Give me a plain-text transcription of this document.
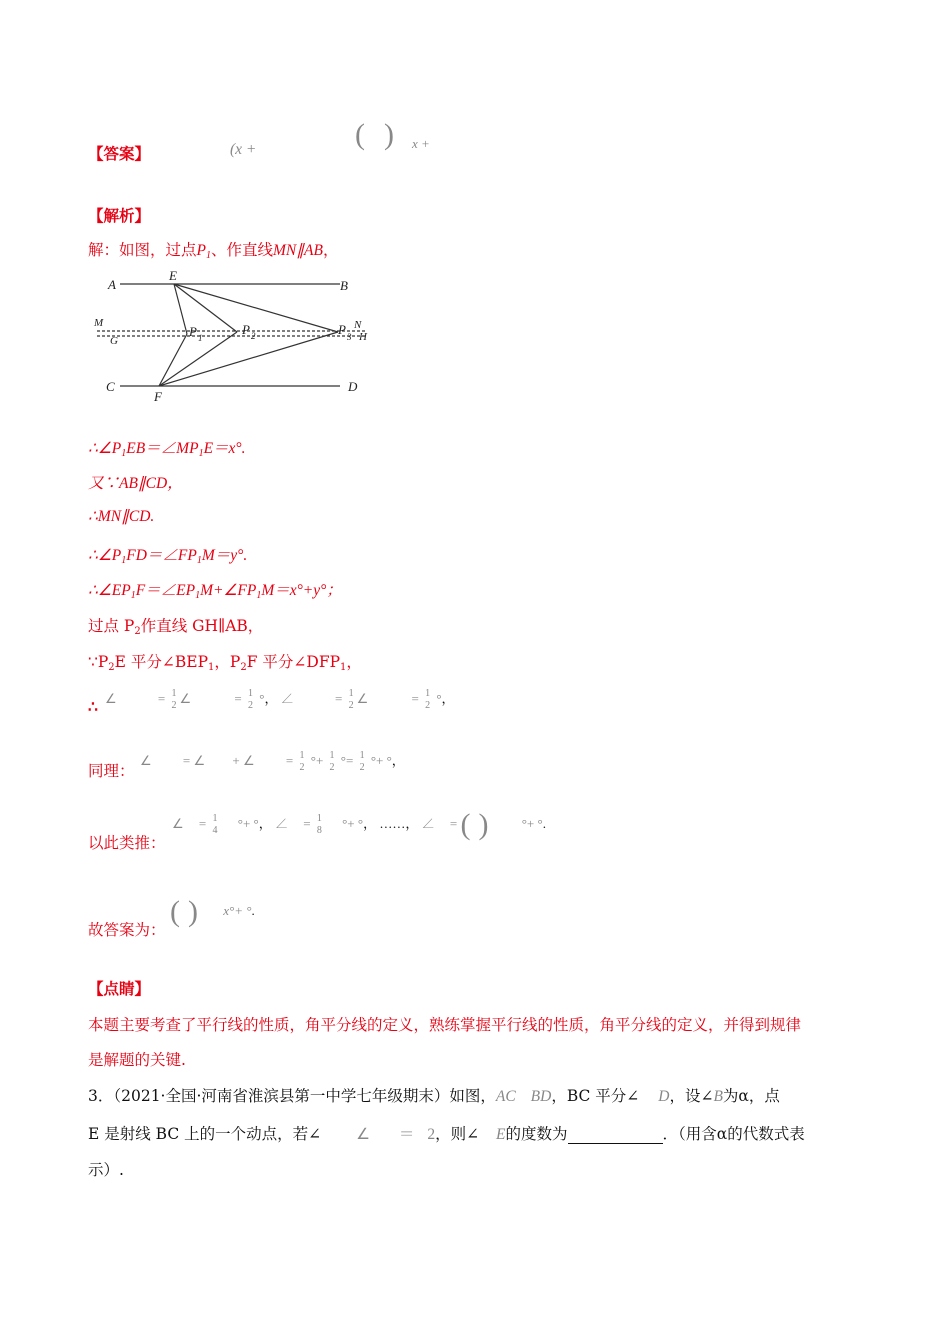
【答案】	(x +	( ) x +
【解析】
解：如图，过点$P_1$、作直线MN∥AB，
A	B
E
M	N
G
P 1
P 2	P 3 H
C
F
D
$\therefore\angle P_1EB=\angle MP_1E=x^\circ$.
又∵AB∥CD，
∴MN∥CD.
$\therefore\angle P_1FD=\angle FP_1M=y^\circ$.
$\therefore\angle EP_1F=\angle EP_1M+\angle FP_1M=x^\circ+y^\circ$；
过点 $P_2$作直线 GH∥AB，
$\because P_2E$ 平分$\angle BEP_1$，$P_2F$ 平分$\angle DFP_1$，
∴ ∠	= 1
2 ∠	= 1
2 °， ∠	= 1
2 ∠	= 1
2 °，
同理：
∠ = ∠ + ∠ = 1
2 °+ 1
2 °= 1
2 °+ °，
以此类推：
∠ = 1
4 °+ °， ∠ = 1
8 °+ °， ……， ∠ = ( )	°+ °.
故答案为：
( ) x°+ °.
【点睛】
本题主要考查了平行线的性质，角平分线的定义，熟练掌握平行线的性质，角平分线的定义，并得到规律
是解题的关键.
3．（2021·全国·河南省淮滨县第一中学七年级期末）如图，AC BD，BC 平分∠ D，设∠B为α，点
E 是射线 BC 上的一个动点，若∠ ∠ ＝ 2，则∠ E的度数为	．（用含α的代数式表
示）.
